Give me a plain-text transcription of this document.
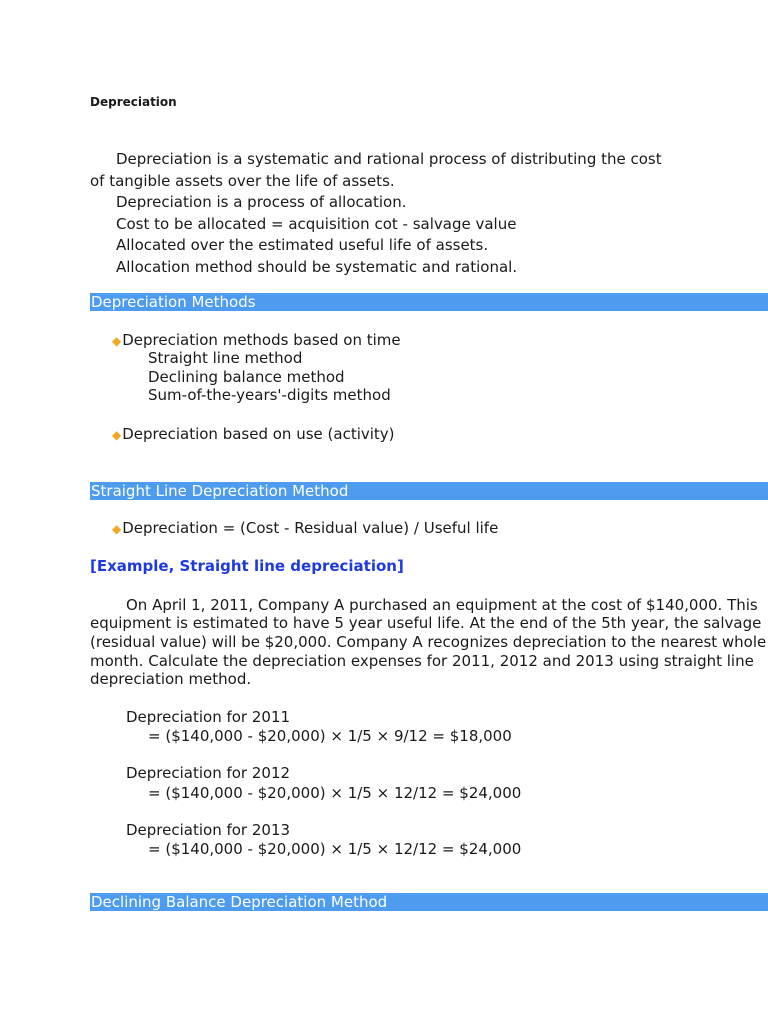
Depreciation
Depreciation is a systematic and rational process of distributing the cost
of tangible assets over the life of assets.
Depreciation is a process of allocation.
Cost to be allocated = acquisition cot - salvage value
Allocated over the estimated useful life of assets.
Allocation method should be systematic and rational.
Depreciation Methods
◆Depreciation methods based on time
Straight line method
Declining balance method
Sum-of-the-years'-digits method
◆Depreciation based on use (activity)
Straight Line Depreciation Method
◆Depreciation = (Cost - Residual value) / Useful life
[Example, Straight line depreciation]
On April 1, 2011, Company A purchased an equipment at the cost of $140,000. This
equipment is estimated to have 5 year useful life. At the end of the 5th year, the salvage
(residual value) will be $20,000. Company A recognizes depreciation to the nearest whole
month. Calculate the depreciation expenses for 2011, 2012 and 2013 using straight line
depreciation method.
Depreciation for 2011
= ($140,000 - $20,000) × 1/5 × 9/12 = $18,000
Depreciation for 2012
= ($140,000 - $20,000) × 1/5 × 12/12 = $24,000
Depreciation for 2013
= ($140,000 - $20,000) × 1/5 × 12/12 = $24,000
Declining Balance Depreciation Method
